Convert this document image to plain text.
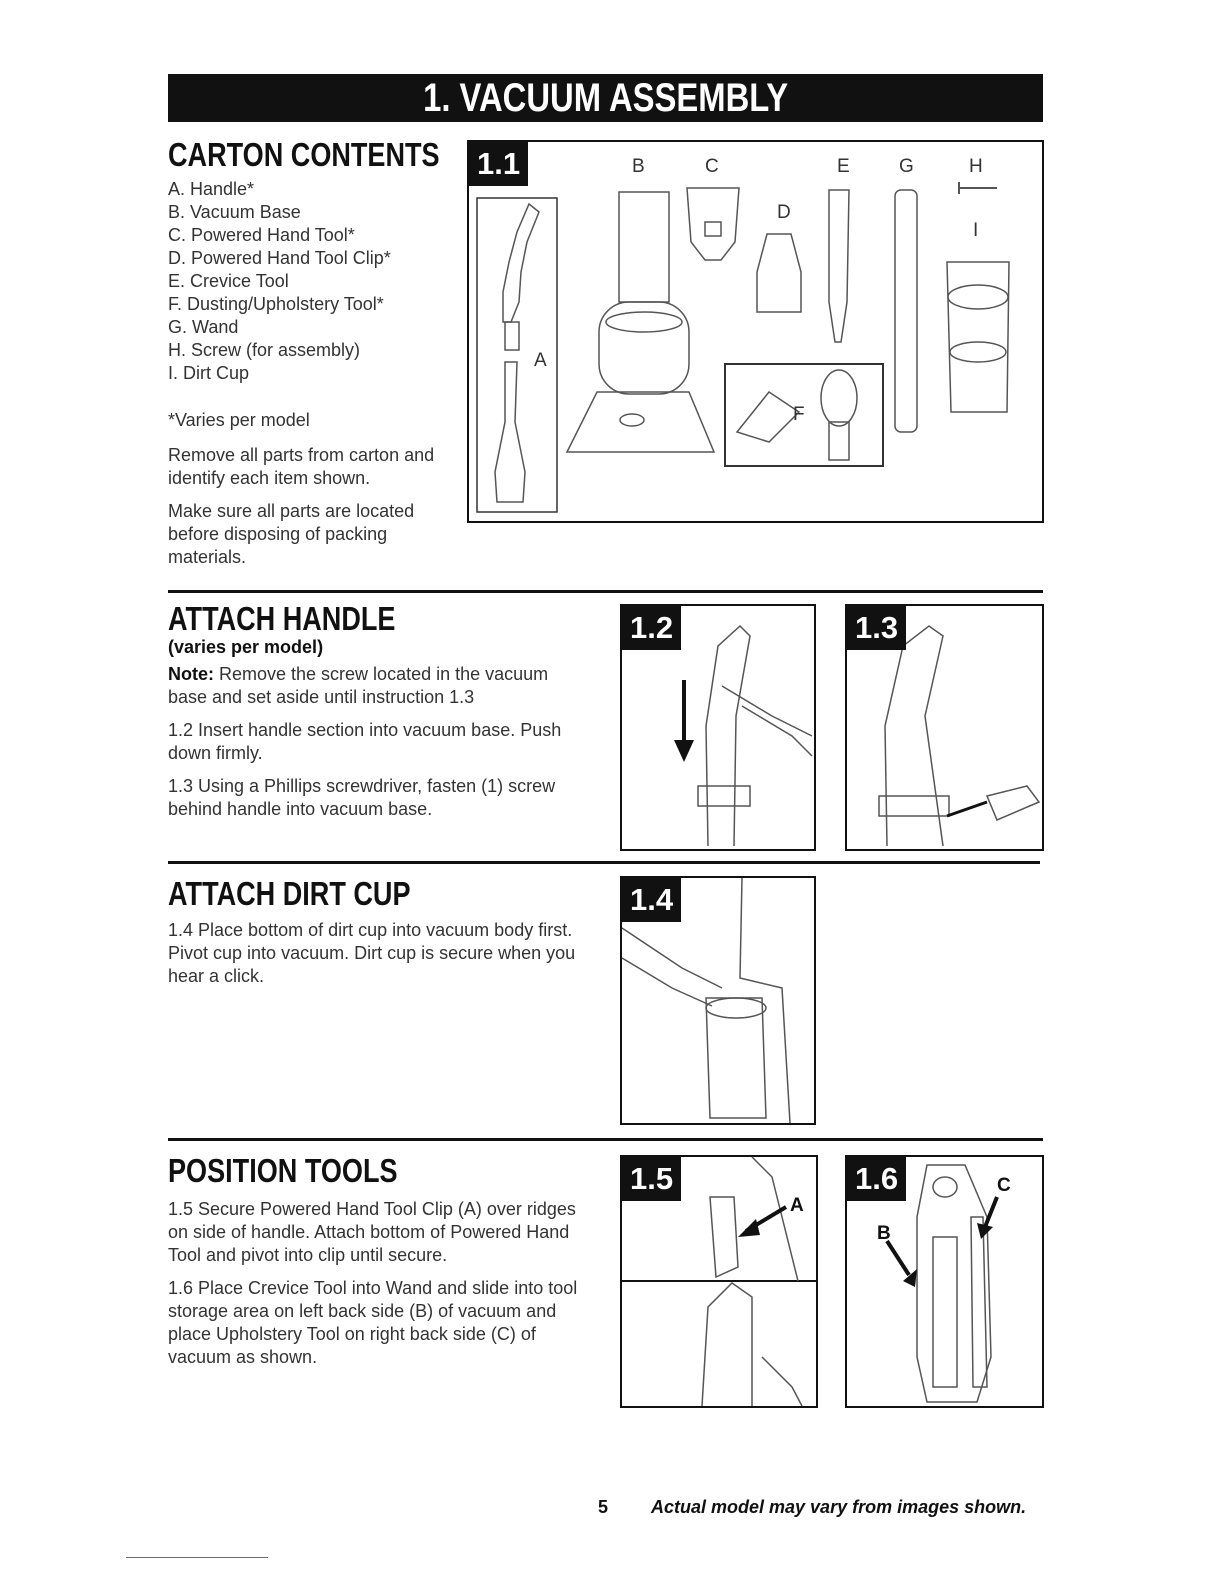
1. VACUUM ASSEMBLY
CARTON CONTENTS
A. Handle*
B. Vacuum Base
C. Powered Hand Tool*
D. Powered Hand Tool Clip*
E. Crevice Tool
F. Dusting/Upholstery Tool*
G. Wand
H. Screw (for assembly)
I. Dirt Cup

*Varies per model

Remove all parts from carton and identify each item shown.

Make sure all parts are located before disposing of packing materials.

1.1
A
B	C
D
E
F
G	H
I
ATTACH HANDLE

(varies per model)

Note: Remove the screw located in the vacuum base and set aside until instruction 1.3

1.2 Insert handle section into vacuum base. Push down firmly.

1.3 Using a Phillips screwdriver, fasten (1) screw behind handle into vacuum base.

1.2	1.3
ATTACH DIRT CUP

1.4 Place bottom of dirt cup into vacuum body first. Pivot cup into vacuum. Dirt cup is secure when you hear a click.

1.4
POSITION TOOLS

1.5 Secure Powered Hand Tool Clip (A) over ridges on side of handle. Attach bottom of Powered Hand Tool and pivot into clip until secure.

1.6 Place Crevice Tool into Wand and slide into tool storage area on left back side (B) of vacuum and place Upholstery Tool on right back side (C) of vacuum as shown.

1.5
A
1.6
B
C
5 Actual model may vary from images shown.
